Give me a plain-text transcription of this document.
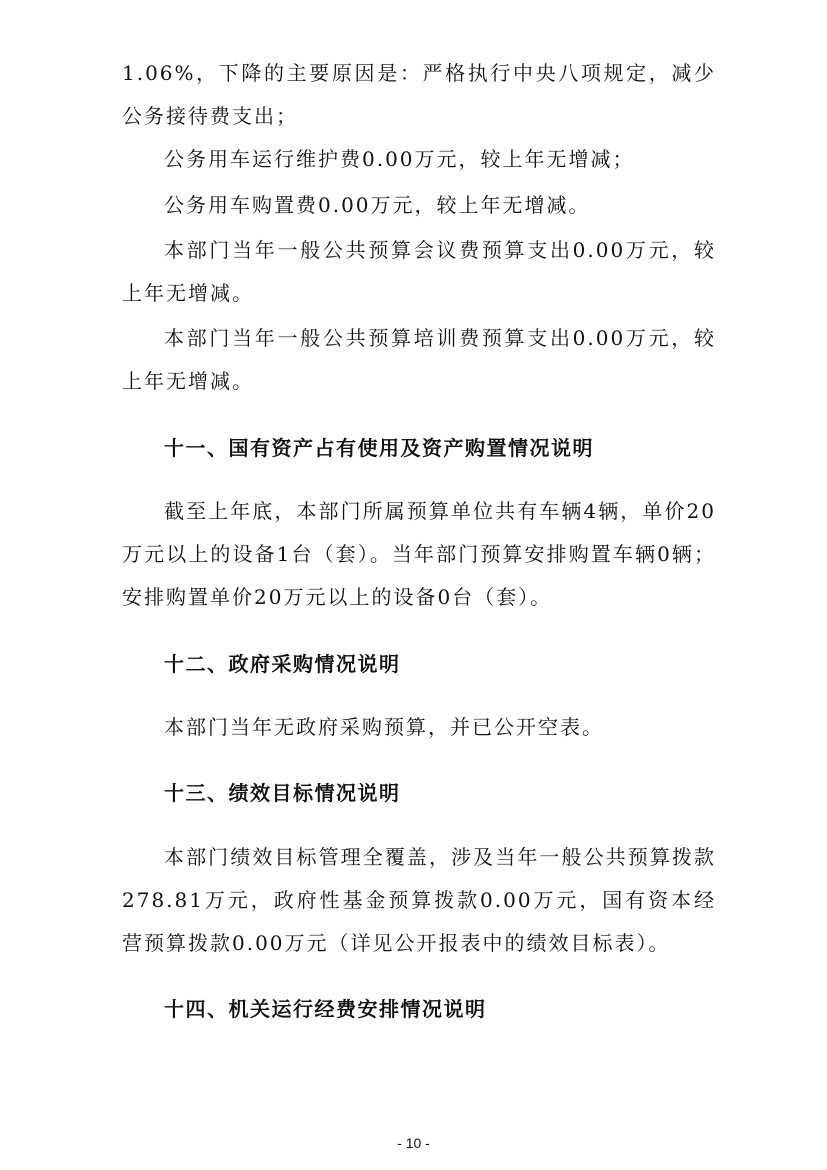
1.06%，下降的主要原因是：严格执行中央八项规定，减少公务接待费支出；

公务用车运行维护费0.00万元，较上年无增减；

公务用车购置费0.00万元，较上年无增减。

本部门当年一般公共预算会议费预算支出0.00万元，较上年无增减。

本部门当年一般公共预算培训费预算支出0.00万元，较上年无增减。

十一、国有资产占有使用及资产购置情况说明

截至上年底，本部门所属预算单位共有车辆4辆，单价20万元以上的设备1台（套）。当年部门预算安排购置车辆0辆；安排购置单价20万元以上的设备0台（套）。

十二、政府采购情况说明

本部门当年无政府采购预算，并已公开空表。

十三、绩效目标情况说明

本部门绩效目标管理全覆盖，涉及当年一般公共预算拨款278.81万元，政府性基金预算拨款0.00万元，国有资本经营预算拨款0.00万元（详见公开报表中的绩效目标表）。

十四、机关运行经费安排情况说明
- 10 -
